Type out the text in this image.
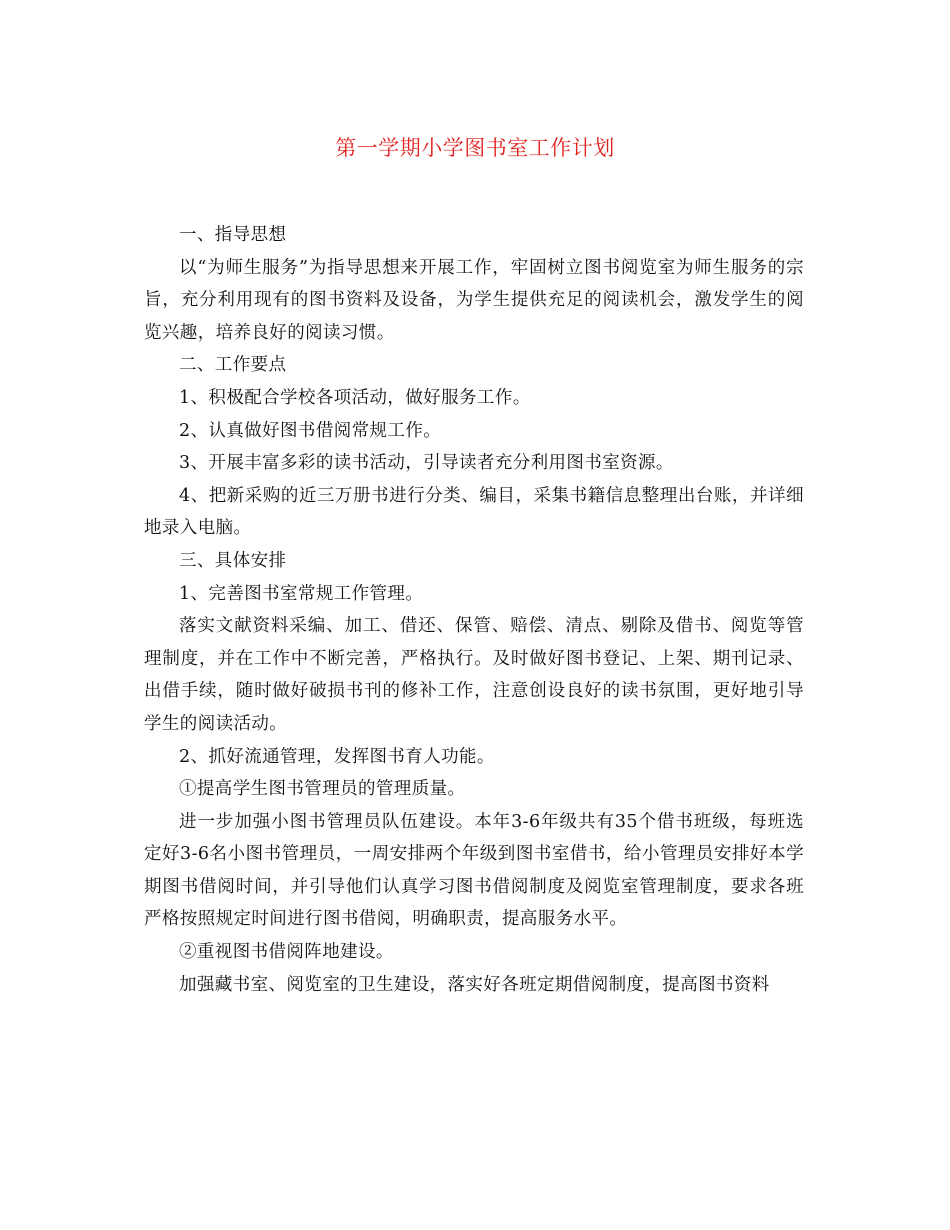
第一学期小学图书室工作计划

一、指导思想

以“为师生服务”为指导思想来开展工作，牢固树立图书阅览室为师生服务的宗旨，充分利用现有的图书资料及设备，为学生提供充足的阅读机会，激发学生的阅览兴趣，培养良好的阅读习惯。

二、工作要点

1、积极配合学校各项活动，做好服务工作。

2、认真做好图书借阅常规工作。

3、开展丰富多彩的读书活动，引导读者充分利用图书室资源。

4、把新采购的近三万册书进行分类、编目，采集书籍信息整理出台账，并详细地录入电脑。

三、具体安排

1、完善图书室常规工作管理。

落实文献资料采编、加工、借还、保管、赔偿、清点、剔除及借书、阅览等管理制度，并在工作中不断完善，严格执行。及时做好图书登记、上架、期刊记录、出借手续，随时做好破损书刊的修补工作，注意创设良好的读书氛围，更好地引导学生的阅读活动。

2、抓好流通管理，发挥图书育人功能。

①提高学生图书管理员的管理质量。

进一步加强小图书管理员队伍建设。本年3-6年级共有35个借书班级，每班选定好3-6名小图书管理员，一周安排两个年级到图书室借书，给小管理员安排好本学期图书借阅时间，并引导他们认真学习图书借阅制度及阅览室管理制度，要求各班严格按照规定时间进行图书借阅，明确职责，提高服务水平。

②重视图书借阅阵地建设。

加强藏书室、阅览室的卫生建设，落实好各班定期借阅制度，提高图书资料
